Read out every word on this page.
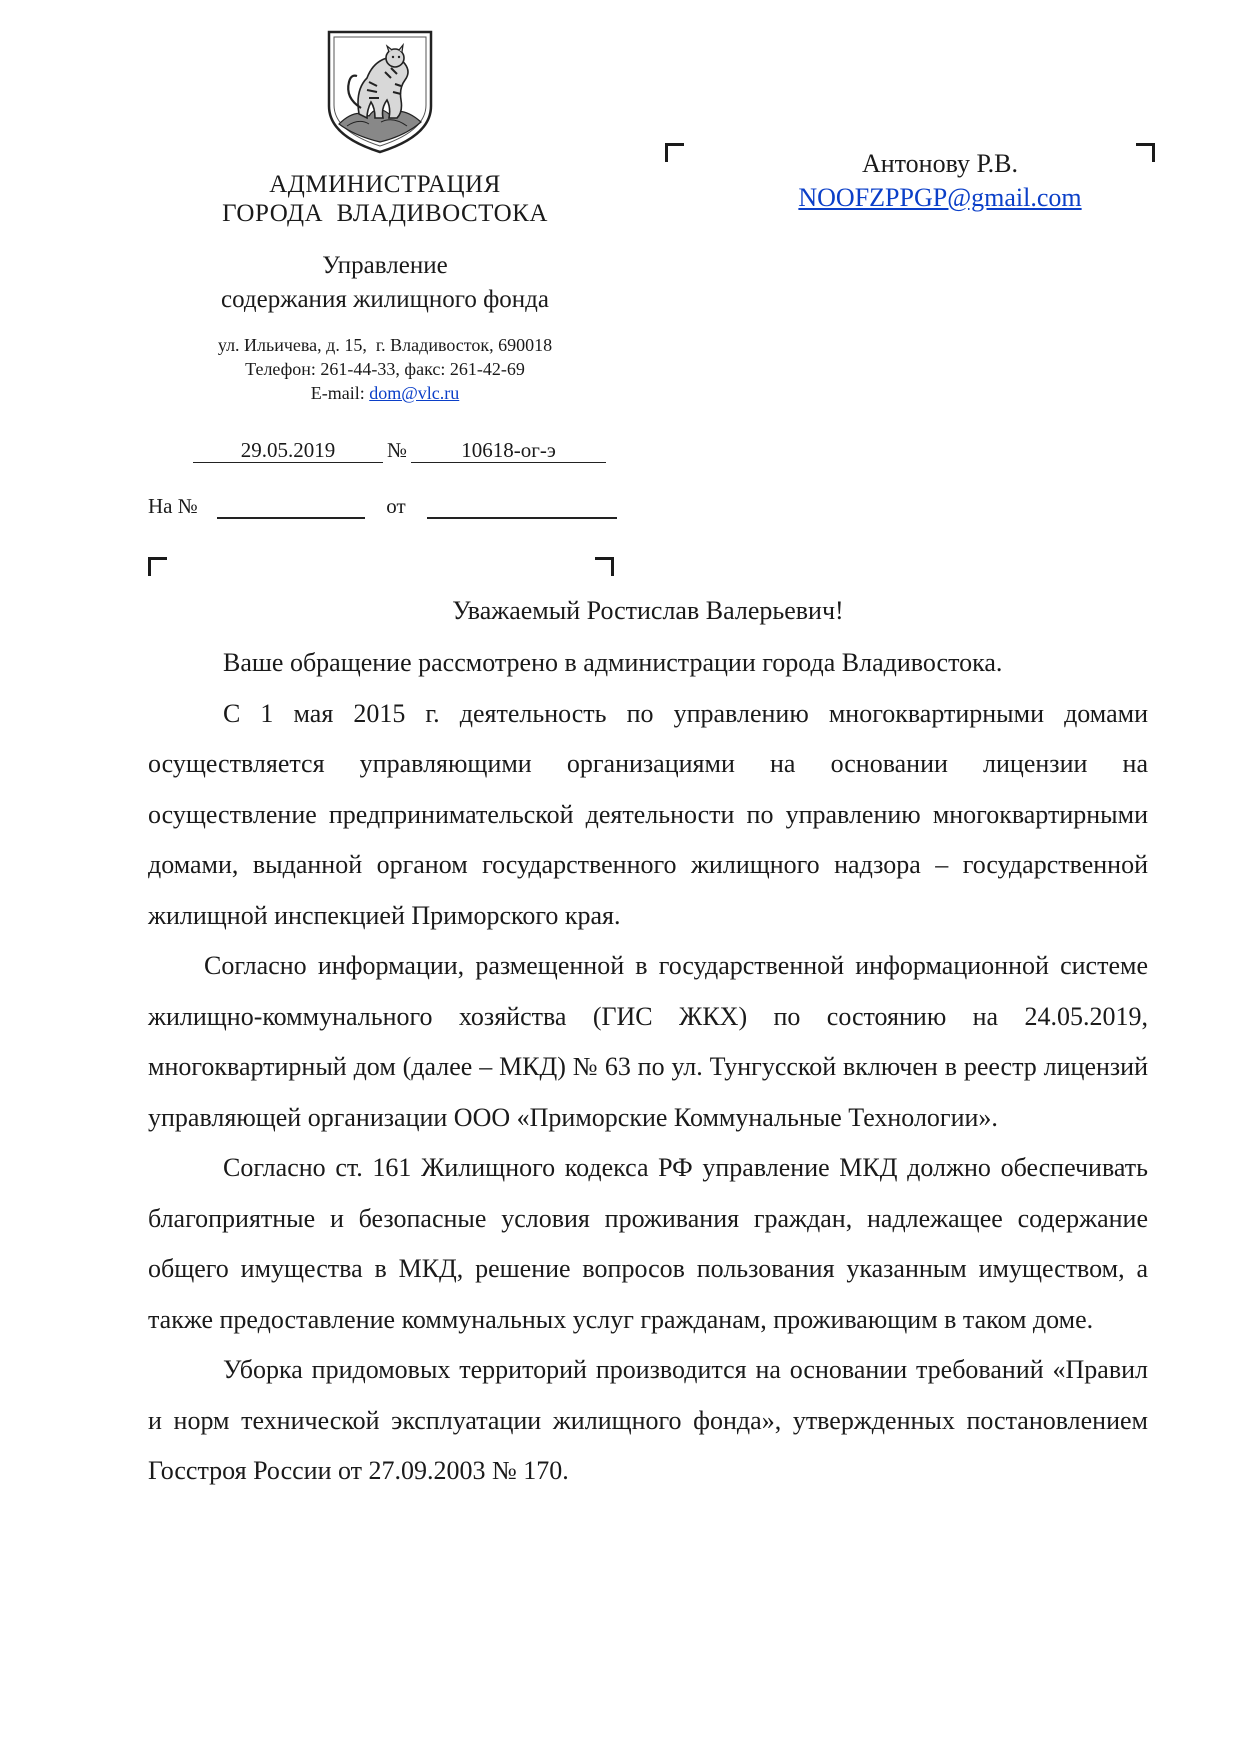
АДМИНИСТРАЦИЯ
ГОРОДА  ВЛАДИВОСТОКА
Управление
содержания жилищного фонда
ул. Ильичева, д. 15,  г. Владивосток, 690018
Телефон: 261-44-33, факс: 261-42-69
E-mail: dom@vlc.ru
29.05.2019 №	10618-ог-э
На №	от
Антонову Р.В.
NOOFZPPGP@gmail.com
Уважаемый Ростислав Валерьевич!

Ваше обращение рассмотрено в администрации города Владивостока.

С 1 мая 2015 г. деятельность по управлению многоквартирными домами осуществляется управляющими организациями на основании лицензии на осуществление предпринимательской деятельности по управлению многоквартирными домами, выданной органом государственного жилищного надзора – государственной жилищной инспекцией Приморского края.

Согласно информации, размещенной в государственной информационной системе жилищно-коммунального хозяйства (ГИС ЖКХ) по состоянию на 24.05.2019, многоквартирный дом (далее – МКД) № 63 по ул. Тунгусской включен в реестр лицензий управляющей организации ООО «Приморские Коммунальные Технологии».

Согласно ст. 161 Жилищного кодекса РФ управление МКД должно обеспечивать благоприятные и безопасные условия проживания граждан, надлежащее содержание общего имущества в МКД, решение вопросов пользования указанным имуществом, а также предоставление коммунальных услуг гражданам, проживающим в таком доме.

Уборка придомовых территорий производится на основании требований «Правил и норм технической эксплуатации жилищного фонда», утвержденных постановлением Госстроя России от 27.09.2003 № 170.
